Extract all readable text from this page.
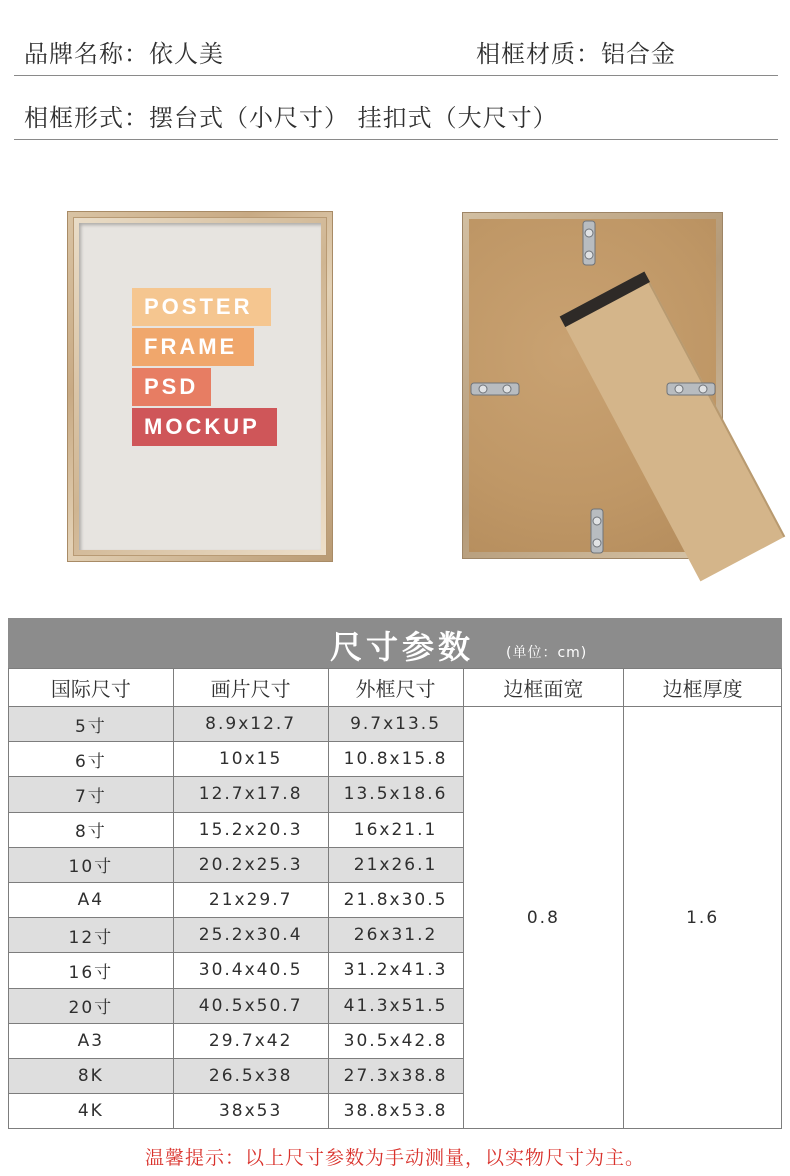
品牌名称：依人美	相框材质：铝合金
相框形式：摆台式（小尺寸） 挂扣式（大尺寸）
POSTER
FRAME
PSD
MOCKUP
尺寸参数 (单位：cm)
国际尺寸	画片尺寸	外框尺寸	边框面宽	边框厚度
5寸	8.9x12.7	9.7x13.5	0.8	1.6
6寸	10x15	10.8x15.8		
7寸	12.7x17.8	13.5x18.6		
8寸	15.2x20.3	16x21.1		
10寸	20.2x25.3	21x26.1		
A4	21x29.7	21.8x30.5		
12寸	25.2x30.4	26x31.2		
16寸	30.4x40.5	31.2x41.3		
20寸	40.5x50.7	41.3x51.5		
A3	29.7x42	30.5x42.8		
8K	26.5x38	27.3x38.8		
4K	38x53	38.8x53.8		
温馨提示：以上尺寸参数为手动测量，以实物尺寸为主。
